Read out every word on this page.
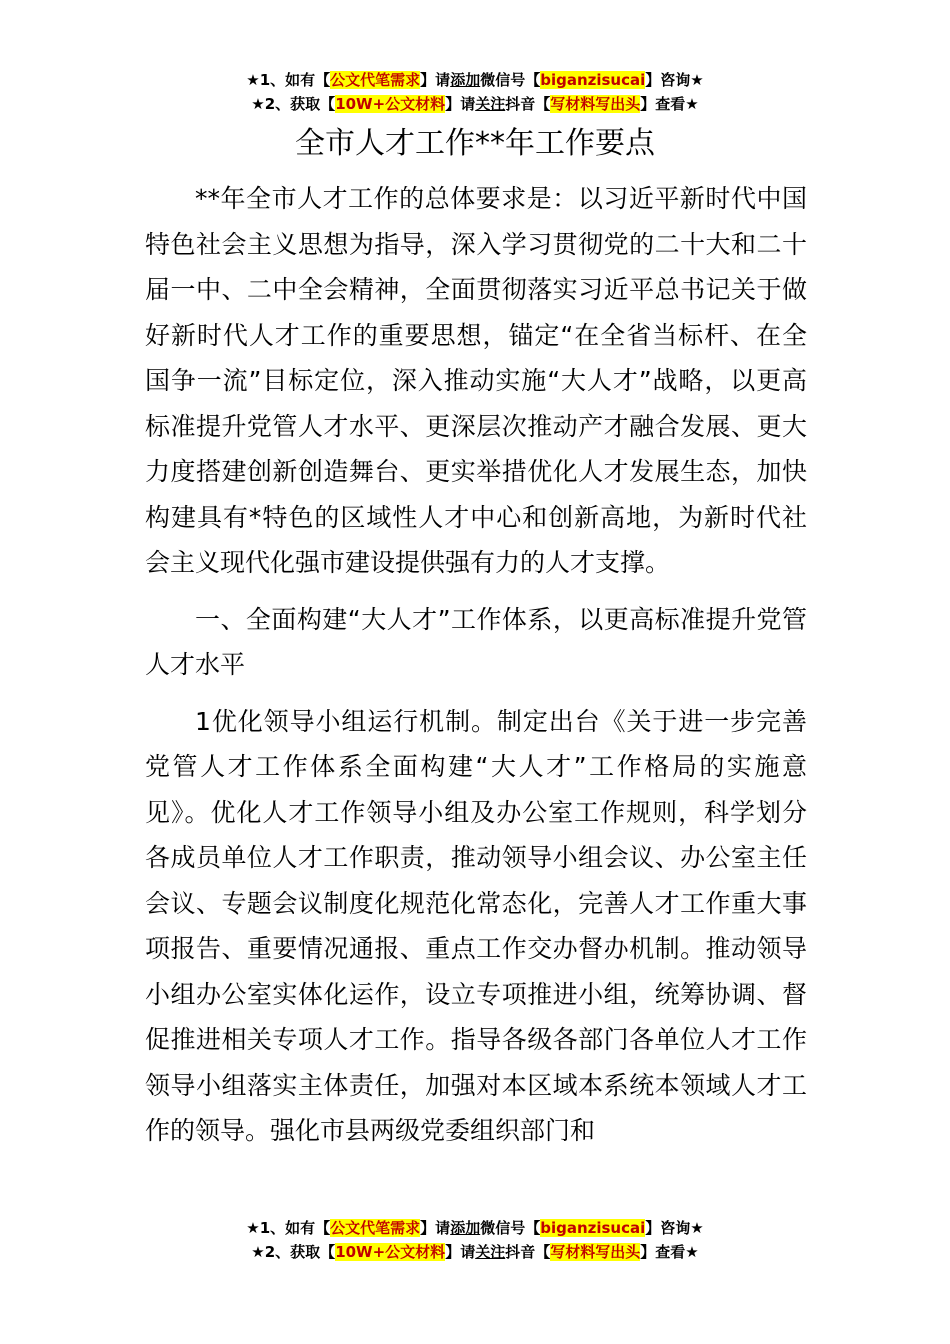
★1、如有【公文代笔需求】请添加微信号【biganzisucai】咨询★
★2、获取【10W+公文材料】请关注抖音【写材料写出头】查看★
全市人才工作**年工作要点

**年全市人才工作的总体要求是：以习近平新时代中国特色社会主义思想为指导，深入学习贯彻党的二十大和二十届一中、二中全会精神，全面贯彻落实习近平总书记关于做好新时代人才工作的重要思想，锚定“在全省当标杆、在全国争一流”目标定位，深入推动实施“大人才”战略，以更高标准提升党管人才水平、更深层次推动产才融合发展、更大力度搭建创新创造舞台、更实举措优化人才发展生态，加快构建具有*特色的区域性人才中心和创新高地，为新时代社会主义现代化强市建设提供强有力的人才支撑。

一、全面构建“大人才”工作体系，以更高标准提升党管人才水平

1优化领导小组运行机制。制定出台《关于进一步完善党管人才工作体系全面构建“大人才”工作格局的实施意见》。优化人才工作领导小组及办公室工作规则，科学划分各成员单位人才工作职责，推动领导小组会议、办公室主任会议、专题会议制度化规范化常态化，完善人才工作重大事项报告、重要情况通报、重点工作交办督办机制。推动领导小组办公室实体化运作，设立专项推进小组，统筹协调、督促推进相关专项人才工作。指导各级各部门各单位人才工作领导小组落实主体责任，加强对本区域本系统本领域人才工作的领导。强化市县两级党委组织部门和

★1、如有【公文代笔需求】请添加微信号【biganzisucai】咨询★
★2、获取【10W+公文材料】请关注抖音【写材料写出头】查看★
